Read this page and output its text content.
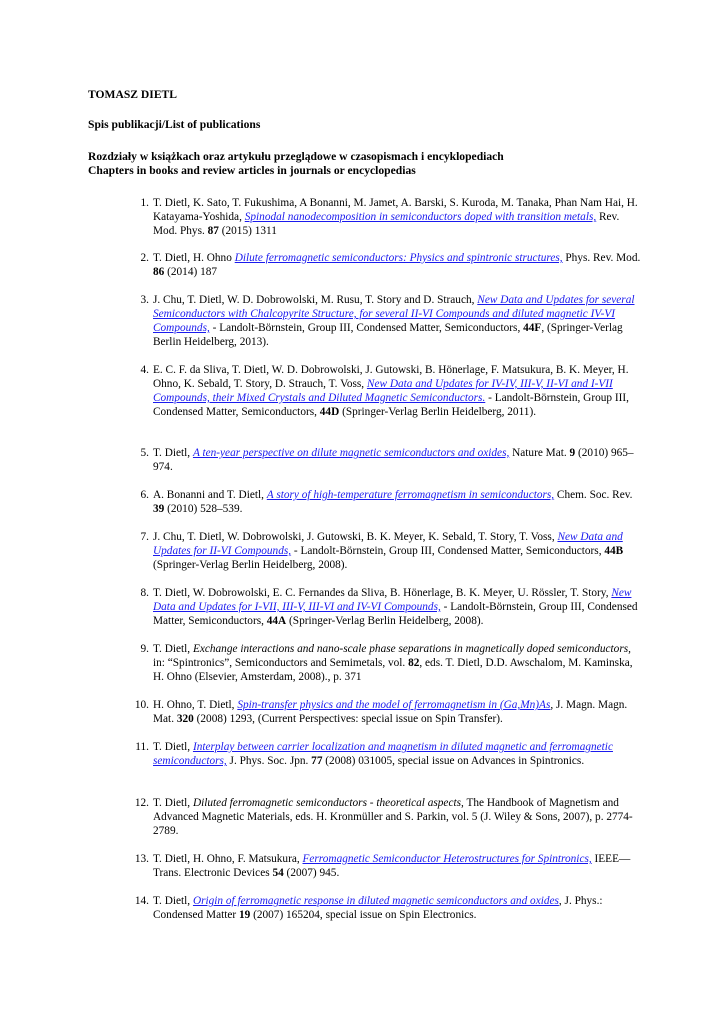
TOMASZ DIETL

Spis publikacji/List of publications

Rozdziały w książkach oraz artykułu przeglądowe w czasopismach i encyklopediach

Chapters in books and review articles in journals or encyclopedias

1 . T. Dietl, K. Sato, T. Fukushima, A Bonanni, M. Jamet, A. Barski, S. Kuroda, M. Tanaka, Phan Nam Hai, H. Katayama-Yoshida, Spinodal nanodecomposition in semiconductors doped with transition metals, Rev. Mod. Phys. 87 (2015) 1311
2 . T. Dietl, H. Ohno Dilute ferromagnetic semiconductors: Physics and spintronic structures, Phys. Rev. Mod. 86 (2014) 187
3 . J. Chu, T. Dietl, W. D. Dobrowolski, M. Rusu, T. Story and D. Strauch, New Data and Updates for several Semiconductors with Chalcopyrite Structure, for several II-VI Compounds and diluted magnetic IV-VI Compounds, - Landolt-Börnstein, Group III, Condensed Matter, Semiconductors, 44F, (Springer-Verlag Berlin Heidelberg, 2013).
4 . E. C. F. da Sliva, T. Dietl, W. D. Dobrowolski, J. Gutowski, B. Hönerlage, F. Matsukura, B. K. Meyer, H. Ohno, K. Sebald, T. Story, D. Strauch, T. Voss, New Data and Updates for IV-IV, III-V, II-VI and I-VII Compounds, their Mixed Crystals and Diluted Magnetic Semiconductors. - Landolt-Börnstein, Group III, Condensed Matter, Semiconductors, 44D (Springer-Verlag Berlin Heidelberg, 2011).
5 . T. Dietl, A ten-year perspective on dilute magnetic semiconductors and oxides, Nature Mat. 9 (2010) 965–974.
6 . A. Bonanni and T. Dietl, A story of high-temperature ferromagnetism in semiconductors, Chem. Soc. Rev. 39 (2010) 528–539.
7 . J. Chu, T. Dietl, W. Dobrowolski, J. Gutowski, B. K. Meyer, K. Sebald, T. Story, T. Voss, New Data and Updates for II-VI Compounds, - Landolt-Börnstein, Group III, Condensed Matter, Semiconductors, 44B (Springer-Verlag Berlin Heidelberg, 2008).
8 . T. Dietl, W. Dobrowolski, E. C. Fernandes da Sliva, B. Hönerlage, B. K. Meyer, U. Rössler, T. Story, New Data and Updates for I-VII, III-V, III-VI and IV-VI Compounds, - Landolt-Börnstein, Group III, Condensed Matter, Semiconductors, 44A (Springer-Verlag Berlin Heidelberg, 2008).
9 . T. Dietl, Exchange interactions and nano-scale phase separations in magnetically doped semiconductors, in: “Spintronics”, Semiconductors and Semimetals, vol. 82, eds. T. Dietl, D.D. Awschalom, M. Kaminska, H. Ohno (Elsevier, Amsterdam, 2008)., p. 371
10 . H. Ohno, T. Dietl, Spin-transfer physics and the model of ferromagnetism in (Ga,Mn)As, J. Magn. Magn. Mat. 320 (2008) 1293, (Current Perspectives: special issue on Spin Transfer).
11 . T. Dietl, Interplay between carrier localization and magnetism in diluted magnetic and ferromagnetic semiconductors, J. Phys. Soc. Jpn. 77 (2008) 031005, special issue on Advances in Spintronics.
12 . T. Dietl, Diluted ferromagnetic semiconductors - theoretical aspects, The Handbook of Magnetism and Advanced Magnetic Materials, eds. H. Kronmüller and S. Parkin, vol. 5 (J. Wiley & Sons, 2007), p. 2774-2789.
13 . T. Dietl, H. Ohno, F. Matsukura, Ferromagnetic Semiconductor Heterostructures for Spintronics, IEEE—Trans. Electronic Devices 54 (2007) 945.
14 . T. Dietl, Origin of ferromagnetic response in diluted magnetic semiconductors and oxides, J. Phys.: Condensed Matter 19 (2007) 165204, special issue on Spin Electronics.
